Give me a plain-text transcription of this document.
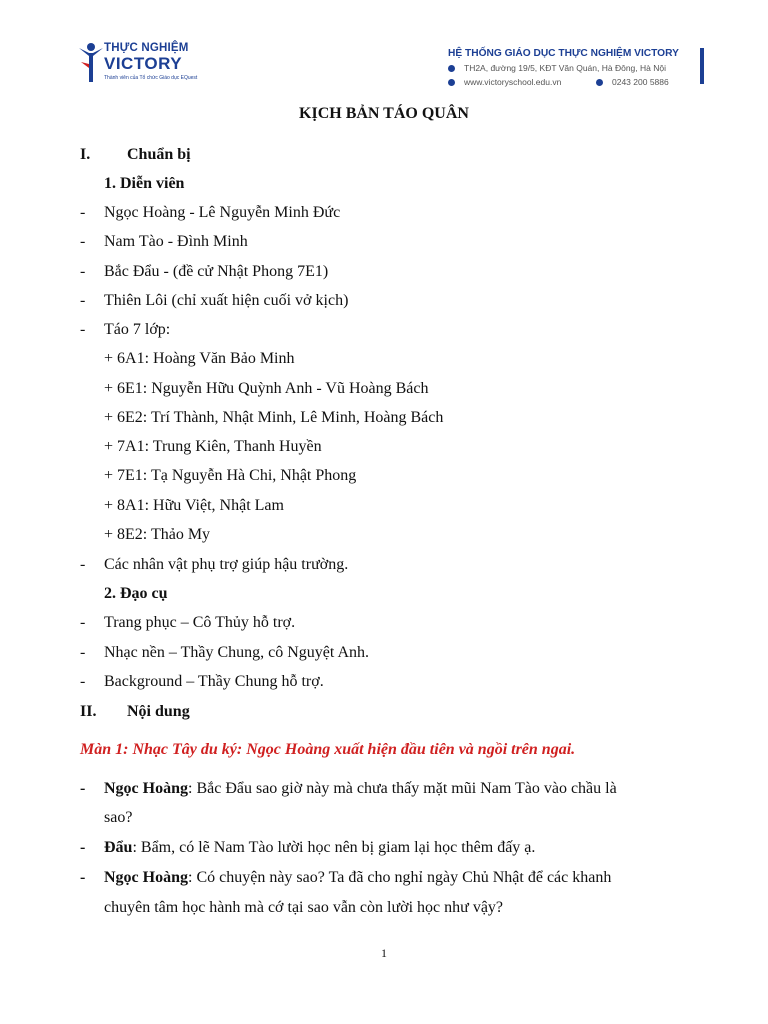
THỰC NGHIỆM
VICTORY
Thành viên của Tổ chức Giáo dục EQuest
HỆ THỐNG GIÁO DỤC THỰC NGHIỆM VICTORY
TH2A, đường 19/5, KĐT Văn Quán, Hà Đông, Hà Nội
www.victoryschool.edu.vn	0243 200 5886
KỊCH BẢN TÁO QUÂN
I. Chuẩn bị
1. Diễn viên
- Ngọc Hoàng - Lê Nguyễn Minh Đức
- Nam Tào - Đình Minh
- Bắc Đẩu - (đề cử Nhật Phong 7E1)
- Thiên Lôi (chỉ xuất hiện cuối vở kịch)
- Táo 7 lớp:
+ 6A1: Hoàng Văn Bảo Minh
+ 6E1: Nguyễn Hữu Quỳnh Anh - Vũ Hoàng Bách
+ 6E2: Trí Thành, Nhật Minh, Lê Minh, Hoàng Bách
+ 7A1: Trung Kiên, Thanh Huyền
+ 7E1: Tạ Nguyễn Hà Chi, Nhật Phong
+ 8A1: Hữu Việt, Nhật Lam
+ 8E2: Thảo My
- Các nhân vật phụ trợ giúp hậu trường.
2. Đạo cụ
- Trang phục – Cô Thủy hỗ trợ.
- Nhạc nền – Thầy Chung, cô Nguyệt Anh.
- Background – Thầy Chung hỗ trợ.
II. Nội dung
Màn 1: Nhạc Tây du ký: Ngọc Hoàng xuất hiện đầu tiên và ngồi trên ngai.
- Ngọc Hoàng: Bắc Đẩu sao giờ này mà chưa thấy mặt mũi Nam Tào vào chầu là
sao?
- Đẩu: Bẩm, có lẽ Nam Tào lười học nên bị giam lại học thêm đấy ạ.
- Ngọc Hoàng: Có chuyện này sao? Ta đã cho nghỉ ngày Chủ Nhật để các khanh
chuyên tâm học hành mà cớ tại sao vẫn còn lười học như vậy?
1
